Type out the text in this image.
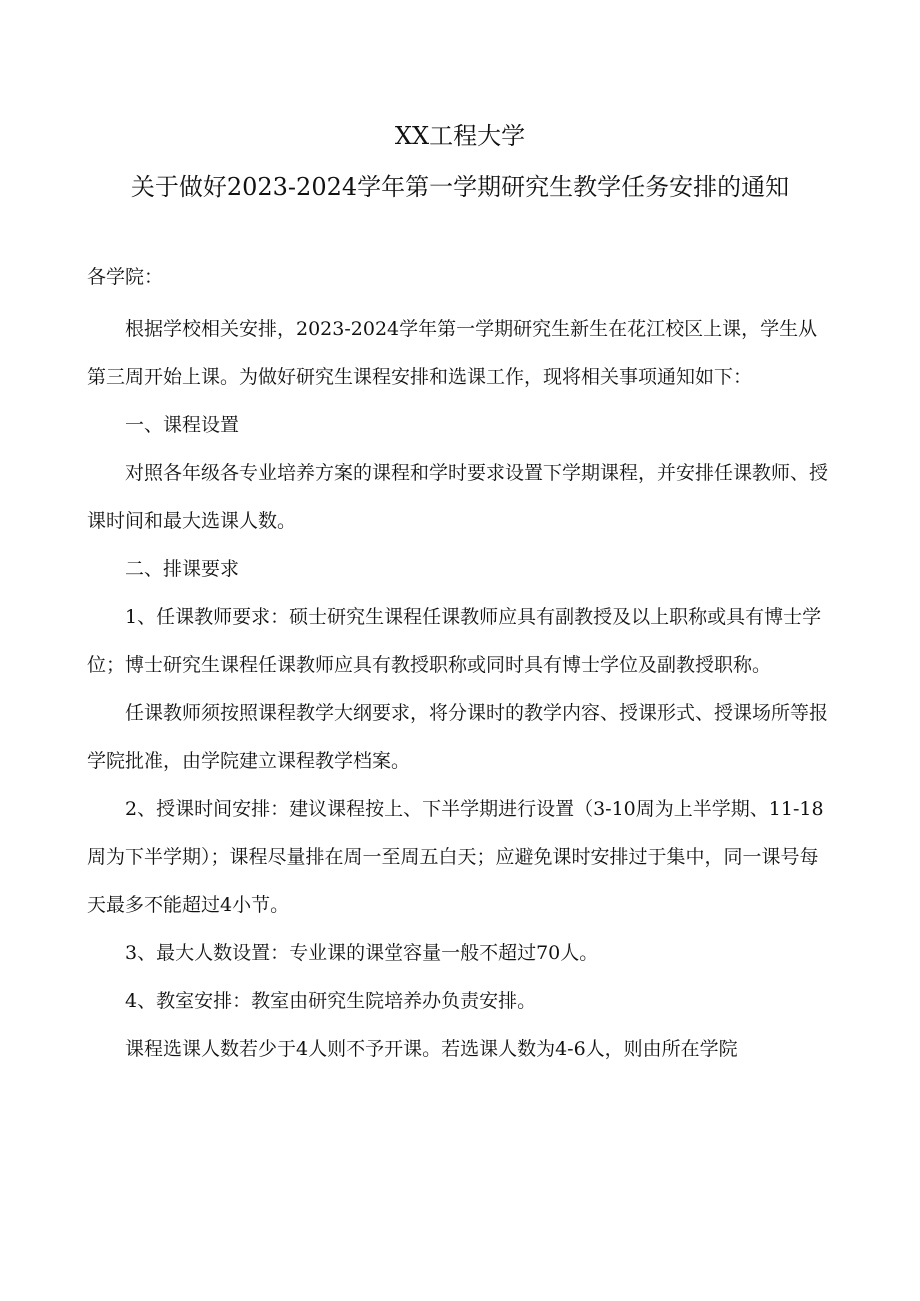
XX工程大学
关于做好2023-2024学年第一学期研究生教学任务安排的通知
各学院：

根据学校相关安排，2023-2024学年第一学期研究生新生在花江校区上课，学生从第三周开始上课。为做好研究生课程安排和选课工作，现将相关事项通知如下：

一、课程设置

对照各年级各专业培养方案的课程和学时要求设置下学期课程，并安排任课教师、授课时间和最大选课人数。

二、排课要求

1、任课教师要求：硕士研究生课程任课教师应具有副教授及以上职称或具有博士学位；博士研究生课程任课教师应具有教授职称或同时具有博士学位及副教授职称。

任课教师须按照课程教学大纲要求，将分课时的教学内容、授课形式、授课场所等报学院批准，由学院建立课程教学档案。

2、授课时间安排：建议课程按上、下半学期进行设置（3-10周为上半学期、11-18周为下半学期）；课程尽量排在周一至周五白天；应避免课时安排过于集中，同一课号每天最多不能超过4小节。

3、最大人数设置：专业课的课堂容量一般不超过70人。

4、教室安排：教室由研究生院培养办负责安排。

课程选课人数若少于4人则不予开课。若选课人数为4-6人，则由所在学院
